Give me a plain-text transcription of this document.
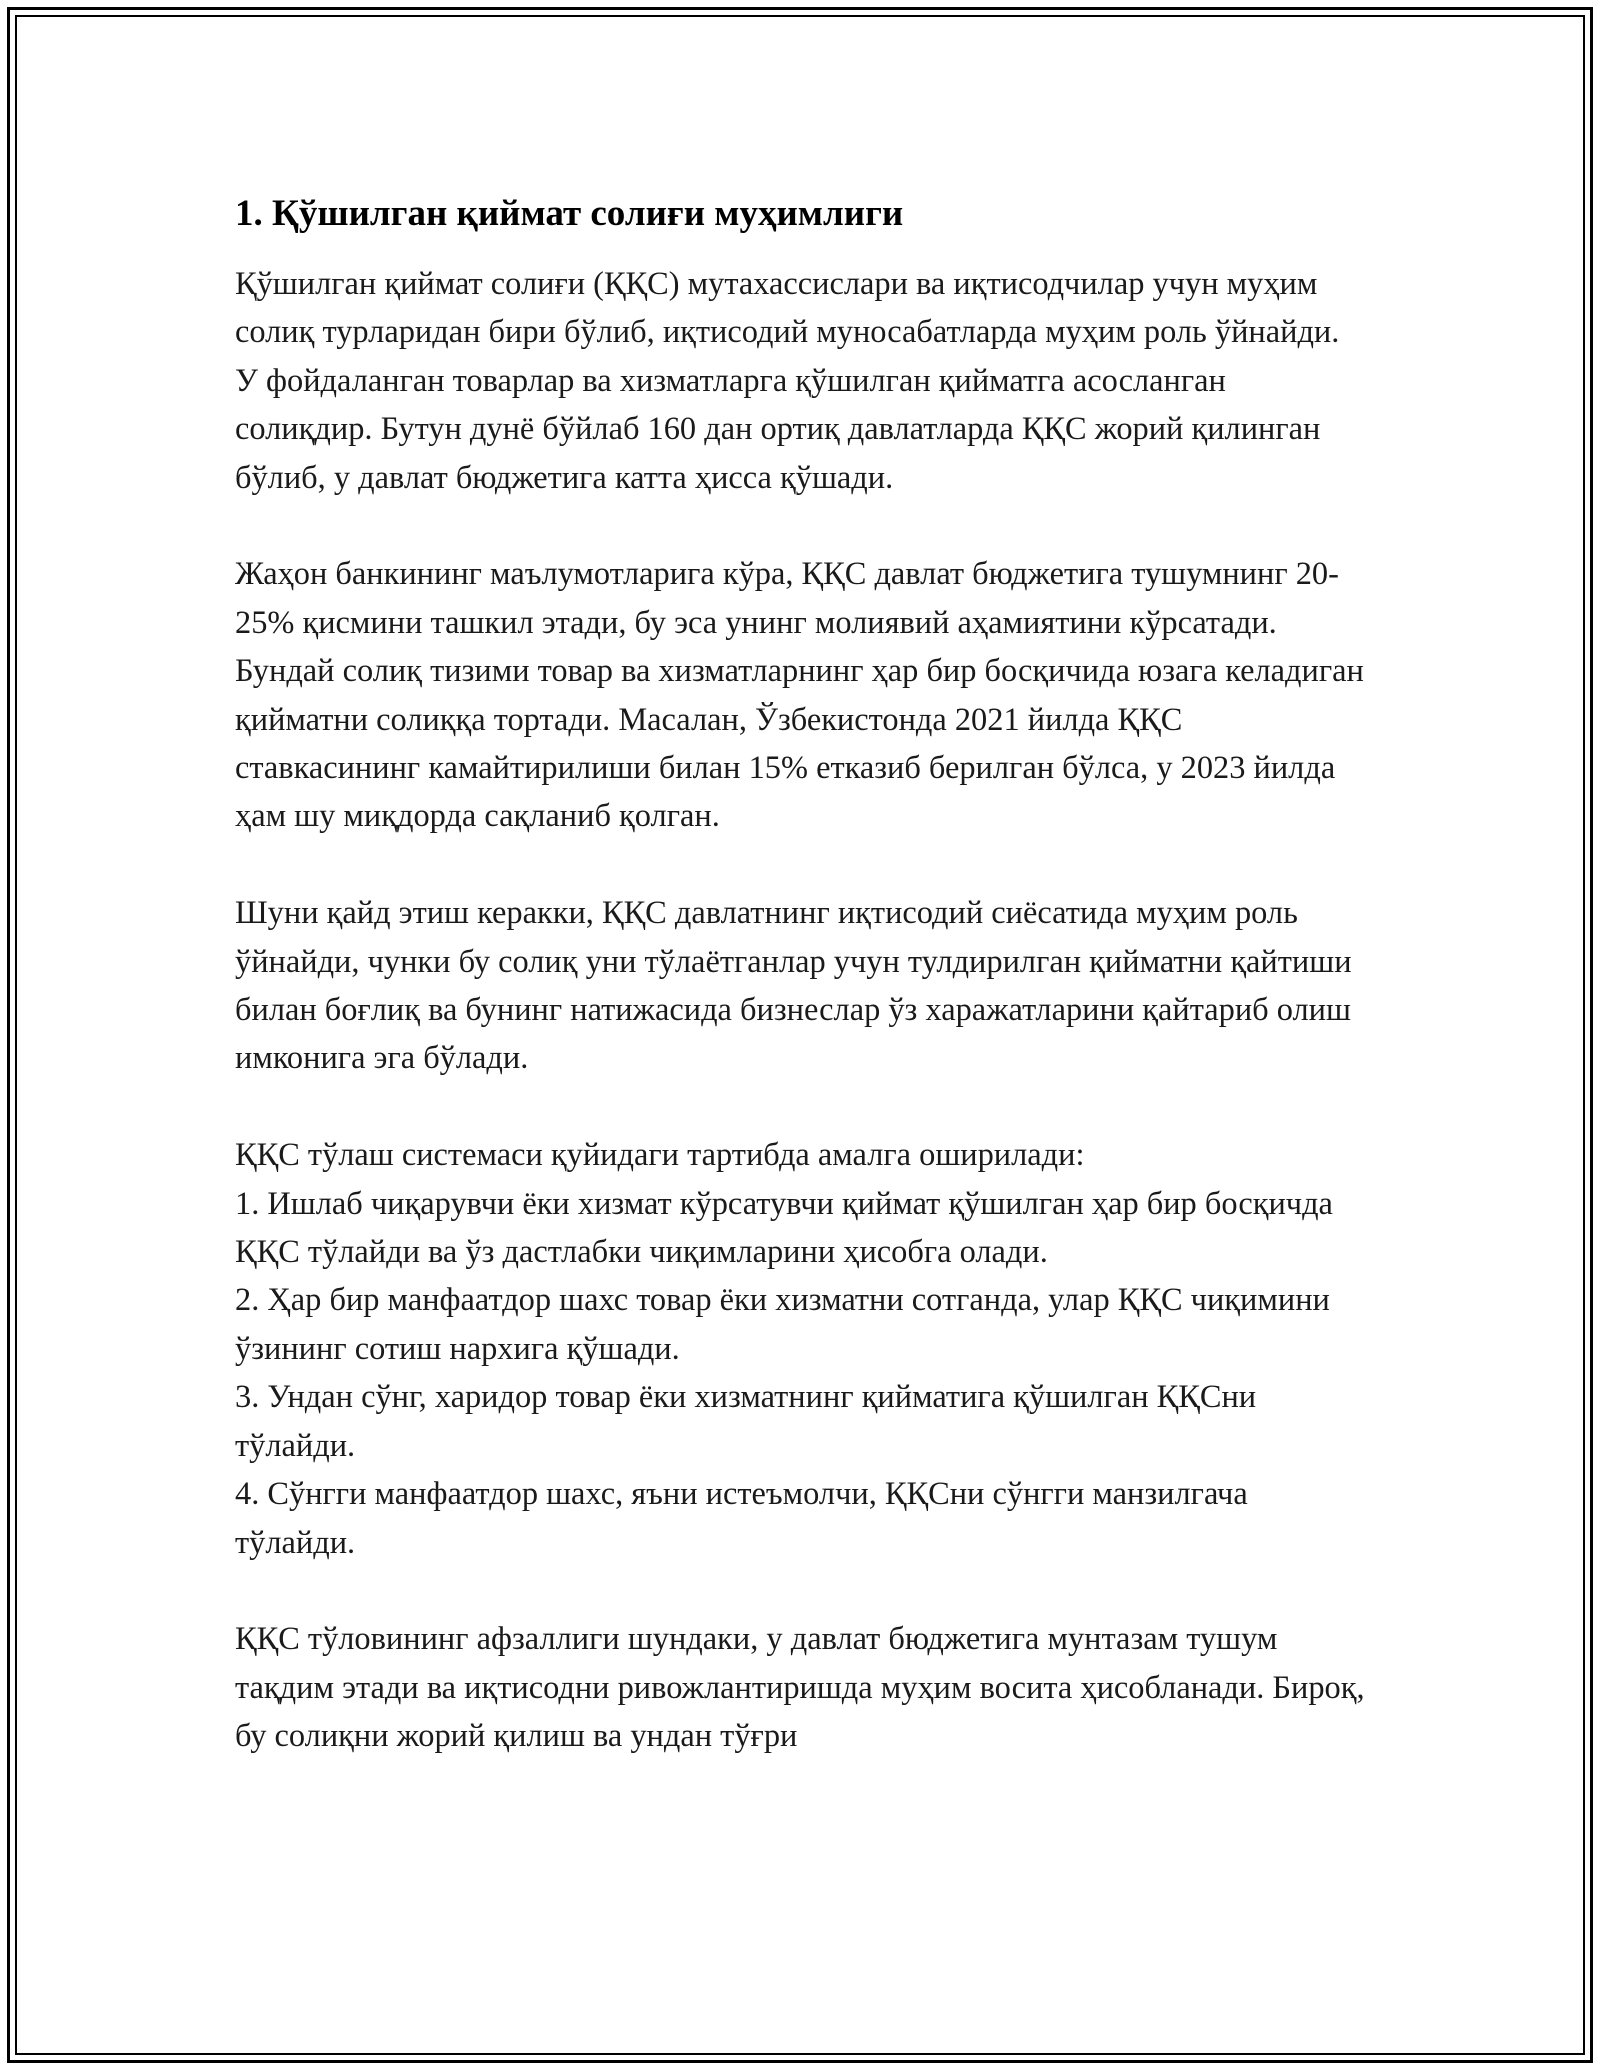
1. Қўшилган қиймат солиғи муҳимлиги
Қўшилган қиймат солиғи (ҚҚС) мутахассислари ва иқтисодчилар учун муҳим солиқ турларидан бири бўлиб, иқтисодий муносабатларда муҳим роль ўйнайди. У фойдаланган товарлар ва хизматларга қўшилган қийматга асосланган солиқдир. Бутун дунё бўйлаб 160 дан ортиқ давлатларда ҚҚС жорий қилинган бўлиб, у давлат бюджетига катта ҳисса қўшади.
Жаҳон банкининг маълумотларига кўра, ҚҚС давлат бюджетига тушумнинг 20-25% қисмини ташкил этади, бу эса унинг молиявий аҳамиятини кўрсатади. Бундай солиқ тизими товар ва хизматларнинг ҳар бир босқичида юзага келадиган қийматни солиққа тортади. Масалан, Ўзбекистонда 2021 йилда ҚҚС ставкасининг камайтирилиши билан 15% етказиб берилган бўлса, у 2023 йилда ҳам шу миқдорда сақланиб қолган.
Шуни қайд этиш керакки, ҚҚС давлатнинг иқтисодий сиёсатида муҳим роль ўйнайди, чунки бу солиқ уни тўлаётганлар учун тулдирилган қийматни қайтиши билан боғлиқ ва бунинг натижасида бизнеслар ўз харажатларини қайтариб олиш имконига эга бўлади.
ҚҚС тўлаш системаси қуйидаги тартибда амалга оширилади:
1. Ишлаб чиқарувчи ёки хизмат кўрсатувчи қиймат қўшилган ҳар бир босқичда ҚҚС тўлайди ва ўз дастлабки чиқимларини ҳисобга олади.
2. Ҳар бир манфаатдор шахс товар ёки хизматни сотганда, улар ҚҚС чиқимини ўзининг сотиш нархига қўшади.
3. Ундан сўнг, харидор товар ёки хизматнинг қийматига қўшилган ҚҚСни тўлайди.
4. Сўнгги манфаатдор шахс, яъни истеъмолчи, ҚҚСни сўнгги манзилгача тўлайди.
ҚҚС тўловининг афзаллиги шундаки, у давлат бюджетига мунтазам тушум тақдим этади ва иқтисодни ривожлантиришда муҳим восита ҳисобланади. Бироқ, бу солиқни жорий қилиш ва ундан тўғри
